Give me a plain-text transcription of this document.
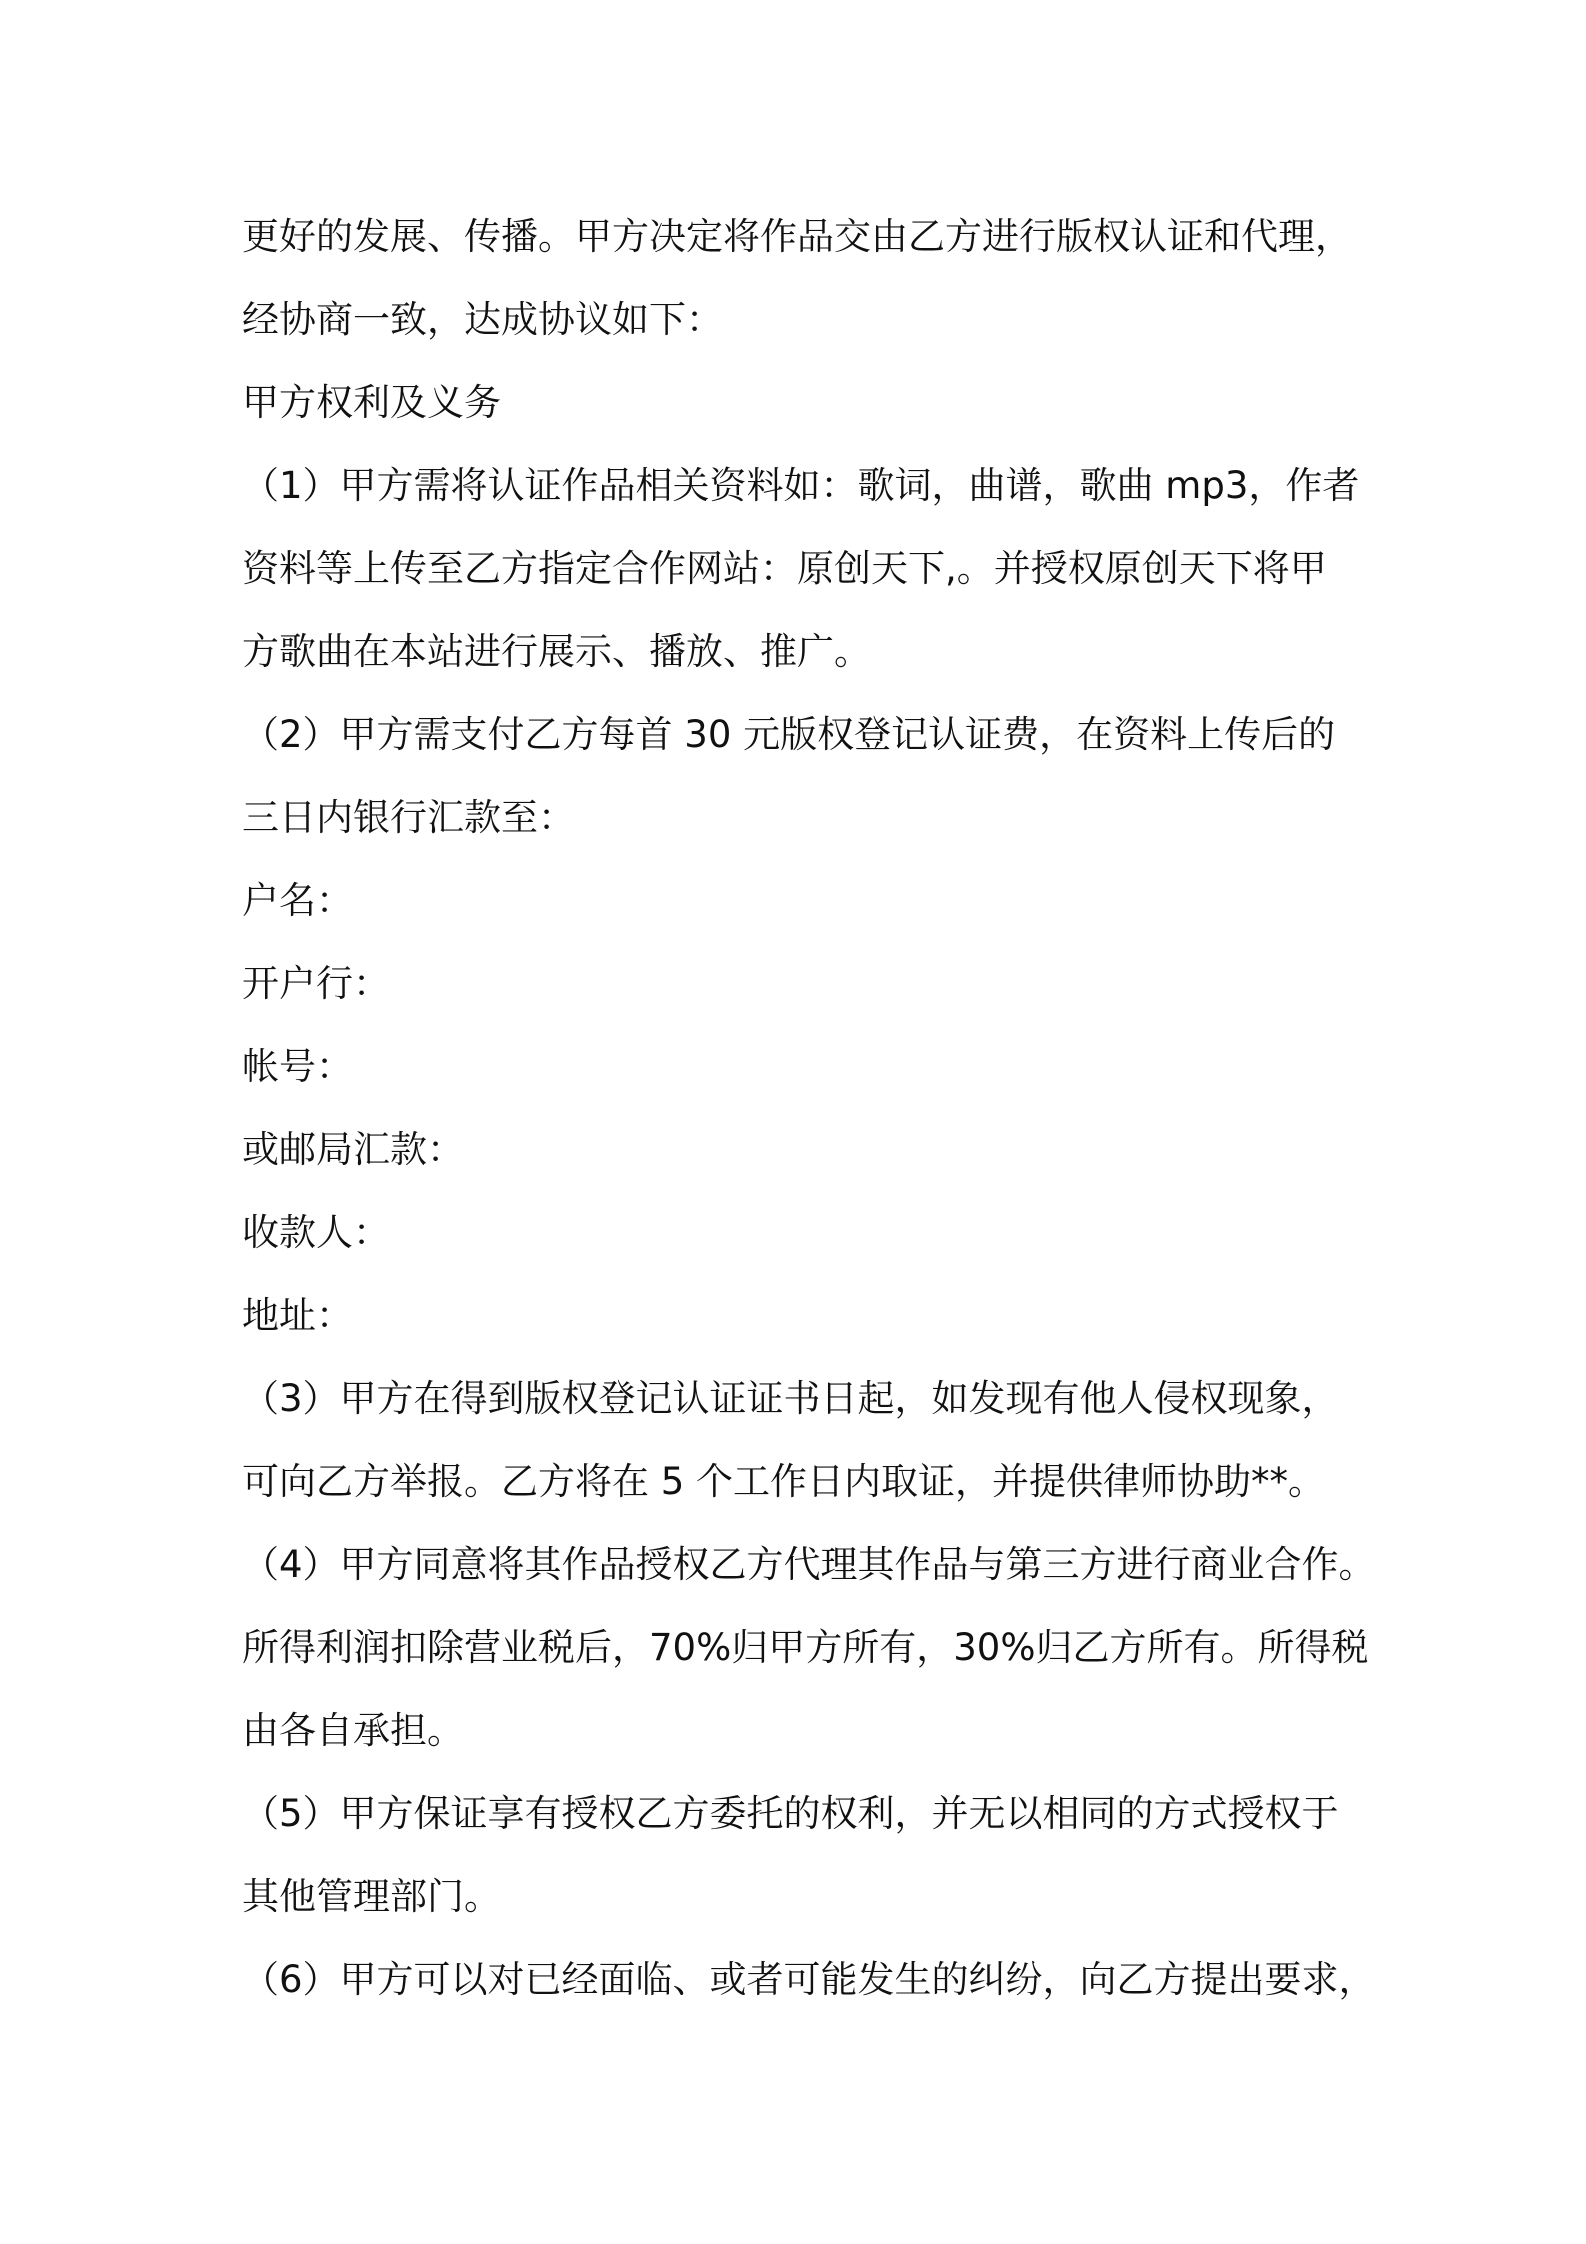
更好的发展、传播。甲方决定将作品交由乙方进行版权认证和代理，
经协商一致，达成协议如下：
甲方权利及义务
（1）甲方需将认证作品相关资料如：歌词，曲谱，歌曲 mp3，作者
资料等上传至乙方指定合作网站：原创天下,。并授权原创天下将甲
方歌曲在本站进行展示、播放、推广。
（2）甲方需支付乙方每首 30 元版权登记认证费，在资料上传后的
三日内银行汇款至：
户名：
开户行：
帐号：
或邮局汇款：
收款人：
地址：
（3）甲方在得到版权登记认证证书日起，如发现有他人侵权现象，
可向乙方举报。乙方将在 5 个工作日内取证，并提供律师协助**。
（4）甲方同意将其作品授权乙方代理其作品与第三方进行商业合作。
所得利润扣除营业税后，70%归甲方所有，30%归乙方所有。所得税
由各自承担。
（5）甲方保证享有授权乙方委托的权利，并无以相同的方式授权于
其他管理部门。
（6）甲方可以对已经面临、或者可能发生的纠纷，向乙方提出要求，
